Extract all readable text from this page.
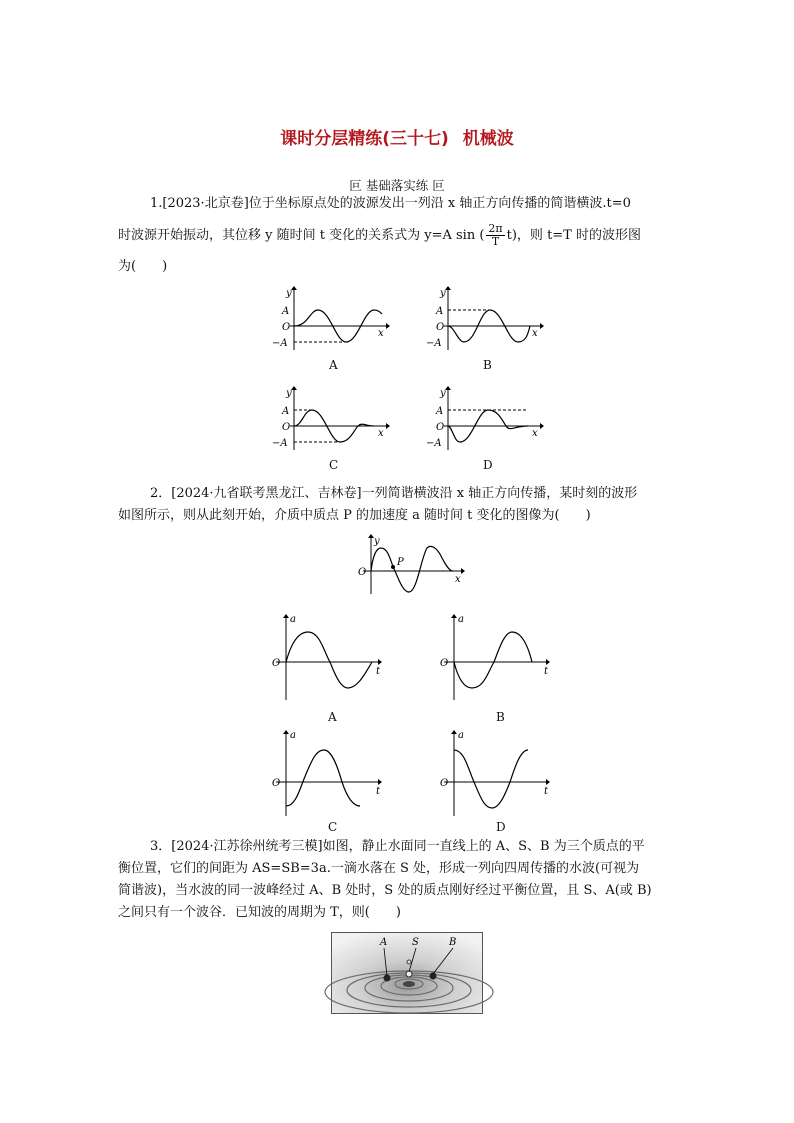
课时分层精练(三十七) 机械波
叵 基础落实练 叵
1.[2023·北京卷]位于坐标原点处的波源发出一列沿 x 轴正方向传播的简谐横波.t=0
时波源开始振动，其位移 y 随时间 t 变化的关系式为 y=A sin ( $\frac{2\pi}{T} t$)，则 t=T 时的波形图
为(　　)
y
x
O
A
−A
A
y
x
O
A
−A
B
y
x
O
A
−A
C
y
x
O
A
−A
D
2．[2024·九省联考黑龙江、吉林卷]一列简谐横波沿 x 轴正方向传播，某时刻的波形
如图所示，则从此刻开始，介质中质点 P 的加速度 a 随时间 t 变化的图像为(　　)
y
x
O
P
a
t
O
A
a
t
O
B
a
t
O
C
a
t
O
D
3．[2024·江苏徐州统考三模]如图，静止水面同一直线上的 A、S、B 为三个质点的平
衡位置，它们的间距为 AS=SB=3a.一滴水落在 S 处，形成一列向四周传播的水波(可视为
简谐波)，当水波的同一波峰经过 A、B 处时，S 处的质点刚好经过平衡位置，且 S、A(或 B)
之间只有一个波谷．已知波的周期为 T，则(　　)
A S	B
